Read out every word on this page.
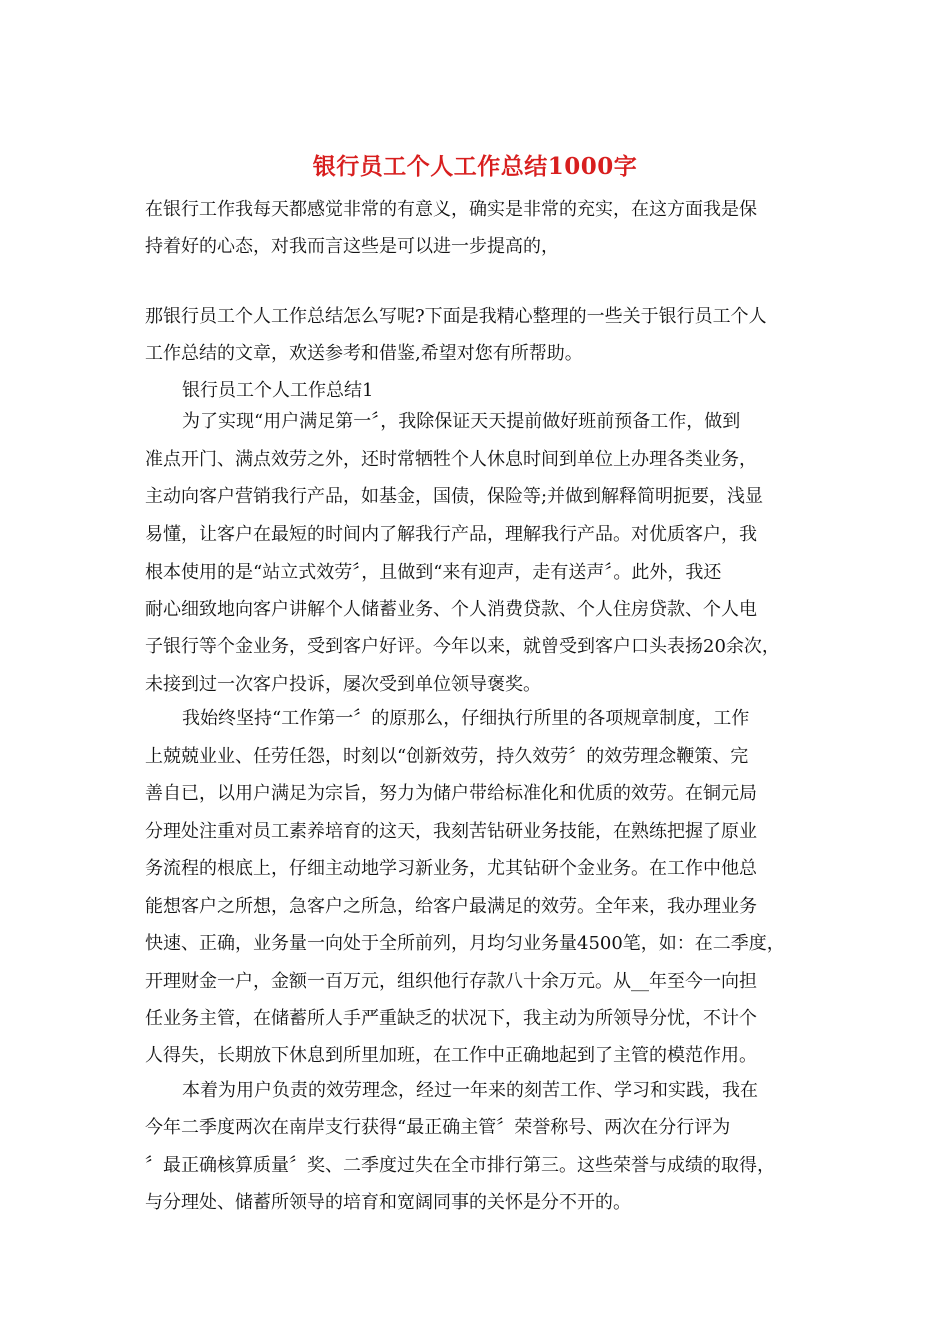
银行员工个人工作总结1000字
在银行工作我每天都感觉非常的有意义，确实是非常的充实，在这方面我是保
持着好的心态，对我而言这些是可以进一步提高的，
那银行员工个人工作总结怎么写呢?下面是我精心整理的一些关于银行员工个人
工作总结的文章，欢送参考和借鉴,希望对您有所帮助。
银行员工个人工作总结1
为了实现“用户满足第一〞，我除保证天天提前做好班前预备工作，做到
准点开门、满点效劳之外，还时常牺牲个人休息时间到单位上办理各类业务，
主动向客户营销我行产品，如基金，国债，保险等;并做到解释简明扼要，浅显
易懂，让客户在最短的时间内了解我行产品，理解我行产品。对优质客户，我
根本使用的是“站立式效劳〞，且做到“来有迎声，走有送声〞。此外，我还
耐心细致地向客户讲解个人储蓄业务、个人消费贷款、个人住房贷款、个人电
子银行等个金业务，受到客户好评。今年以来，就曾受到客户口头表扬20余次，
未接到过一次客户投诉，屡次受到单位领导褒奖。
我始终坚持“工作第一〞的原那么，仔细执行所里的各项规章制度，工作
上兢兢业业、任劳任怨，时刻以“创新效劳，持久效劳〞的效劳理念鞭策、完
善自已，以用户满足为宗旨，努力为储户带给标准化和优质的效劳。在铜元局
分理处注重对员工素养培育的这天，我刻苦钻研业务技能，在熟练把握了原业
务流程的根底上，仔细主动地学习新业务，尤其钻研个金业务。在工作中他总
能想客户之所想，急客户之所急，给客户最满足的效劳。全年来，我办理业务
快速、正确，业务量一向处于全所前列，月均匀业务量4500笔，如：在二季度，
开理财金一户，金额一百万元，组织他行存款八十余万元。从__年至今一向担
任业务主管，在储蓄所人手严重缺乏的状况下，我主动为所领导分忧，不计个
人得失，长期放下休息到所里加班，在工作中正确地起到了主管的模范作用。
本着为用户负责的效劳理念，经过一年来的刻苦工作、学习和实践，我在
今年二季度两次在南岸支行获得“最正确主管〞荣誉称号、两次在分行评为
〞最正确核算质量〞奖、二季度过失在全市排行第三。这些荣誉与成绩的取得，
与分理处、储蓄所领导的培育和宽阔同事的关怀是分不开的。
